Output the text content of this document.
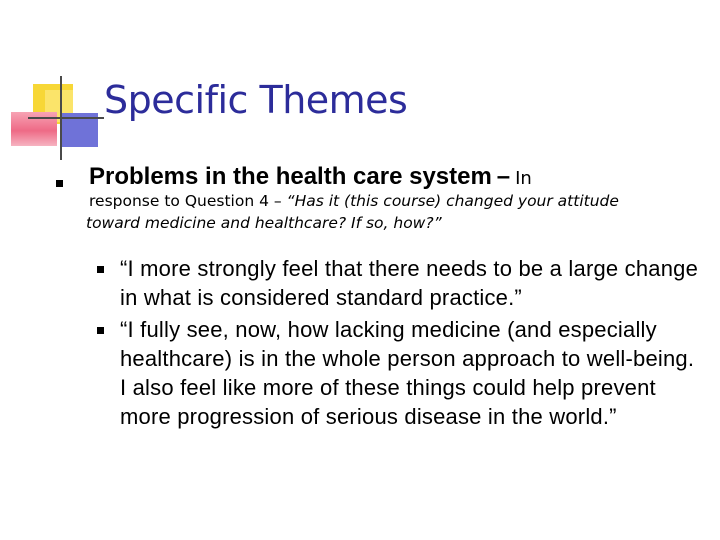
Specific Themes
Problems in the health care system – In
response to Question 4 – “Has it (this course) changed your attitude
toward medicine and healthcare? If so, how?”
“I more strongly feel that there needs to be a large change in what is considered standard practice.”
“I fully see, now, how lacking medicine (and especially healthcare) is in the whole person approach to well-being. I also feel like more of these things could help prevent more progression of serious disease in the world.”
